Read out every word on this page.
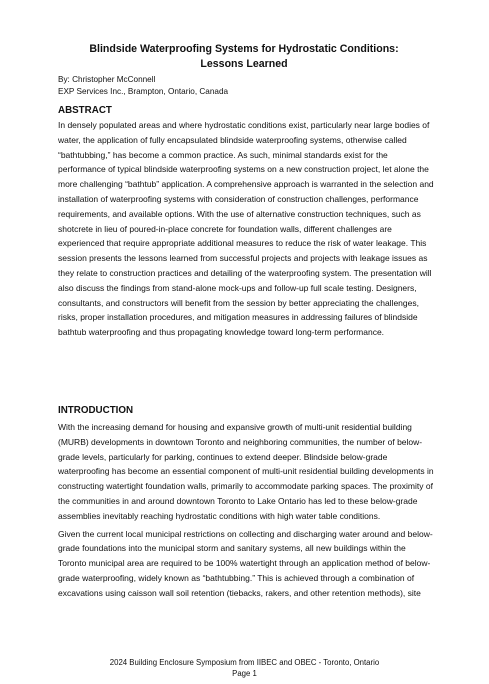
Blindside Waterproofing Systems for Hydrostatic Conditions:
Lessons Learned
By: Christopher McConnell
EXP Services Inc., Brampton, Ontario, Canada
ABSTRACT

In densely populated areas and where hydrostatic conditions exist, particularly near large bodies of water, the application of fully encapsulated blindside waterproofing systems, otherwise called “bathtubbing,” has become a common practice. As such, minimal standards exist for the performance of typical blindside waterproofing systems on a new construction project, let alone the more challenging “bathtub” application. A comprehensive approach is warranted in the selection and installation of waterproofing systems with consideration of construction challenges, performance requirements, and available options. With the use of alternative construction techniques, such as shotcrete in lieu of poured-in-place concrete for foundation walls, different challenges are experienced that require appropriate additional measures to reduce the risk of water leakage. This session presents the lessons learned from successful projects and projects with leakage issues as they relate to construction practices and detailing of the waterproofing system. The presentation will also discuss the findings from stand-alone mock-ups and follow-up full scale testing. Designers, consultants, and constructors will benefit from the session by better appreciating the challenges, risks, proper installation procedures, and mitigation measures in addressing failures of blindside bathtub waterproofing and thus propagating knowledge toward long-term performance.

INTRODUCTION

With the increasing demand for housing and expansive growth of multi-unit residential building (MURB) developments in downtown Toronto and neighboring communities, the number of below-grade levels, particularly for parking, continues to extend deeper. Blindside below-grade waterproofing has become an essential component of multi-unit residential building developments in constructing watertight foundation walls, primarily to accommodate parking spaces. The proximity of the communities in and around downtown Toronto to Lake Ontario has led to these below-grade assemblies inevitably reaching hydrostatic conditions with high water table conditions.

Given the current local municipal restrictions on collecting and discharging water around and below-grade foundations into the municipal storm and sanitary systems, all new buildings within the Toronto municipal area are required to be 100% watertight through an application method of below-grade waterproofing, widely known as “bathtubbing.” This is achieved through a combination of excavations using caisson wall soil retention (tiebacks, rakers, and other retention methods), site

2024 Building Enclosure Symposium from IIBEC and OBEC - Toronto, Ontario
Page 1
